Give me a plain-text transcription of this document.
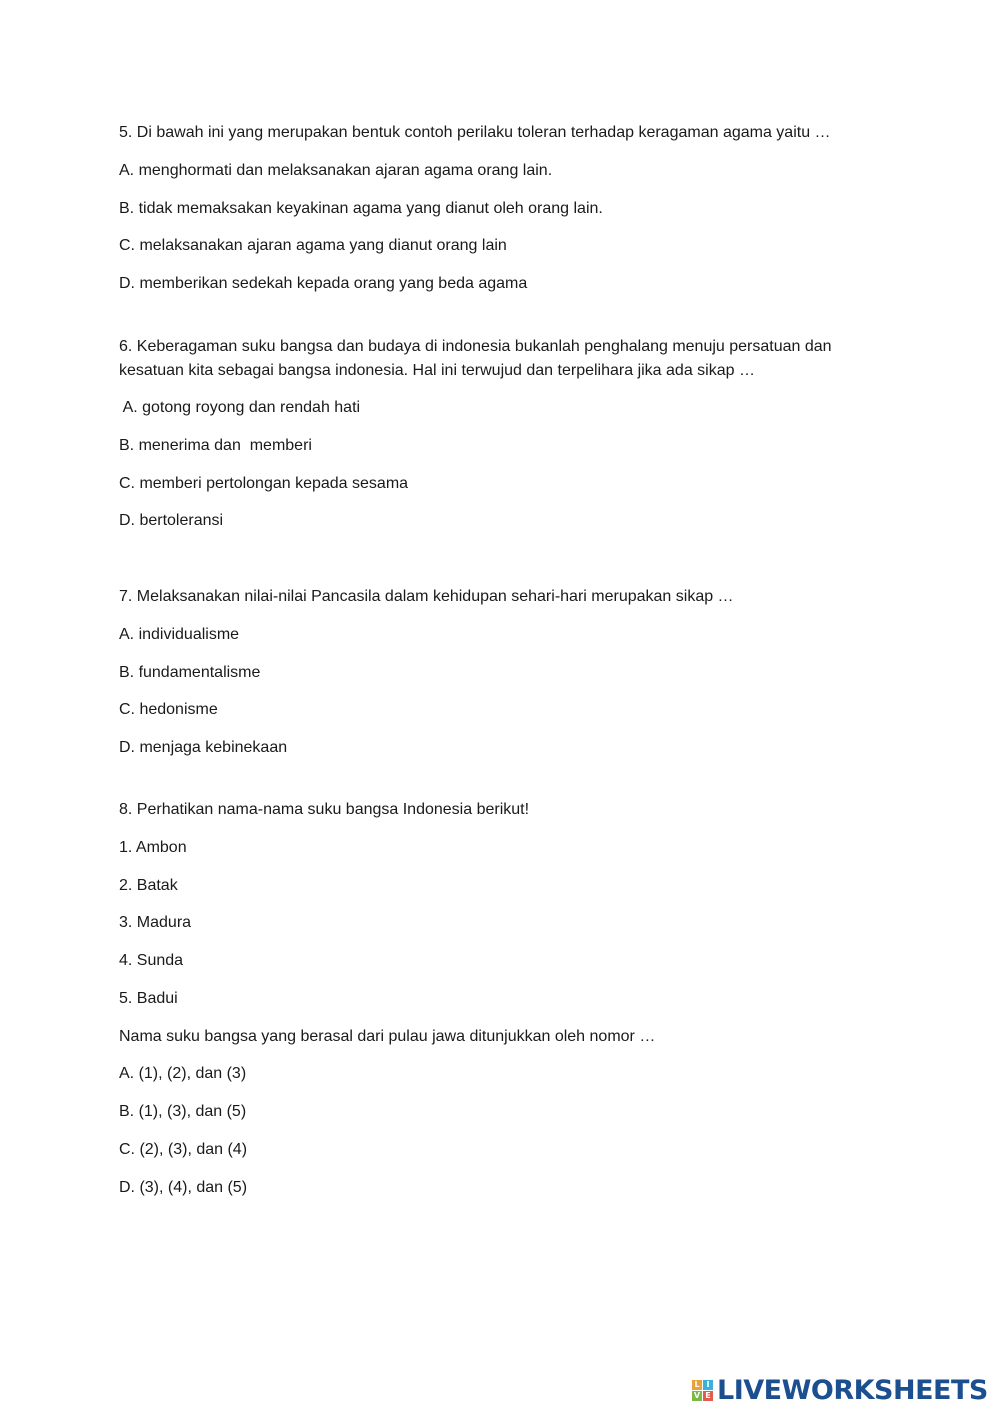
5. Di bawah ini yang merupakan bentuk contoh perilaku toleran terhadap keragaman agama yaitu …
A. menghormati dan melaksanakan ajaran agama orang lain.
B. tidak memaksakan keyakinan agama yang dianut oleh orang lain.
C. melaksanakan ajaran agama yang dianut orang lain
D. memberikan sedekah kepada orang yang beda agama
6. Keberagaman suku bangsa dan budaya di indonesia bukanlah penghalang menuju persatuan dan
kesatuan kita sebagai bangsa indonesia. Hal ini terwujud dan terpelihara jika ada sikap …
A. gotong royong dan rendah hati
B. menerima dan  memberi
C. memberi pertolongan kepada sesama
D. bertoleransi
7. Melaksanakan nilai-nilai Pancasila dalam kehidupan sehari-hari merupakan sikap …
A. individualisme
B. fundamentalisme
C. hedonisme
D. menjaga kebinekaan
8. Perhatikan nama-nama suku bangsa Indonesia berikut!
1. Ambon
2. Batak
3. Madura
4. Sunda
5. Badui
Nama suku bangsa yang berasal dari pulau jawa ditunjukkan oleh nomor …
A. (1), (2), dan (3)
B. (1), (3), dan (5)
C. (2), (3), dan (4)
D. (3), (4), dan (5)
L I
V E LIVEWORKSHEETS
